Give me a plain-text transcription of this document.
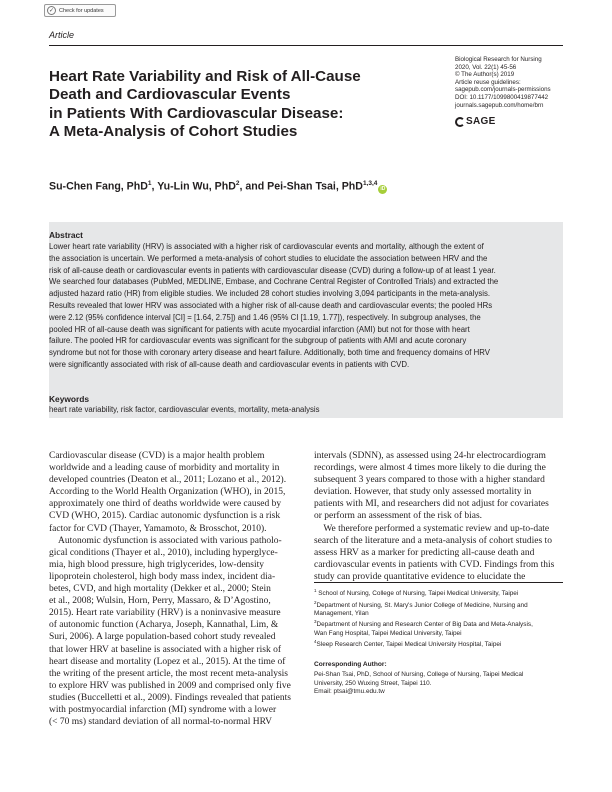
✓ Check for updates
Article
Heart Rate Variability and Risk of All-Cause
Death and Cardiovascular Events
in Patients With Cardiovascular Disease:
A Meta-Analysis of Cohort Studies
Biological Research for Nursing
2020, Vol. 22(1) 45-56
© The Author(s) 2019
Article reuse guidelines:
sagepub.com/journals-permissions
DOI: 10.1177/1099800419877442
journals.sagepub.com/home/brn
SAGE
Su-Chen Fang, PhD$^1$, Yu-Lin Wu, PhD$^2$, and Pei-Shan Tsai, PhD$^{1,3,4}$iD
Abstract
Lower heart rate variability (HRV) is associated with a higher risk of cardiovascular events and mortality, although the extent of
the association is uncertain. We performed a meta-analysis of cohort studies to elucidate the association between HRV and the
risk of all-cause death or cardiovascular events in patients with cardiovascular disease (CVD) during a follow-up of at least 1 year.
We searched four databases (PubMed, MEDLINE, Embase, and Cochrane Central Register of Controlled Trials) and extracted the
adjusted hazard ratio (HR) from eligible studies. We included 28 cohort studies involving 3,094 participants in the meta-analysis.
Results revealed that lower HRV was associated with a higher risk of all-cause death and cardiovascular events; the pooled HRs
were 2.12 (95% confidence interval [CI] = [1.64, 2.75]) and 1.46 (95% CI [1.19, 1.77]), respectively. In subgroup analyses, the
pooled HR of all-cause death was significant for patients with acute myocardial infarction (AMI) but not for those with heart
failure. The pooled HR for cardiovascular events was significant for the subgroup of patients with AMI and acute coronary
syndrome but not for those with coronary artery disease and heart failure. Additionally, both time and frequency domains of HRV
were significantly associated with risk of all-cause death and cardiovascular events in patients with CVD.
Keywords
heart rate variability, risk factor, cardiovascular events, mortality, meta-analysis
Cardiovascular disease (CVD) is a major health problem
worldwide and a leading cause of morbidity and mortality in
developed countries (Deaton et al., 2011; Lozano et al., 2012).
According to the World Health Organization (WHO), in 2015,
approximately one third of deaths worldwide were caused by
CVD (WHO, 2015). Cardiac autonomic dysfunction is a risk
factor for CVD (Thayer, Yamamoto, & Brosschot, 2010).
Autonomic dysfunction is associated with various patholo-
gical conditions (Thayer et al., 2010), including hyperglyce-
mia, high blood pressure, high triglycerides, low-density
lipoprotein cholesterol, high body mass index, incident dia-
betes, CVD, and high mortality (Dekker et al., 2000; Stein
et al., 2008; Wulsin, Horn, Perry, Massaro, & D’Agostino,
2015). Heart rate variability (HRV) is a noninvasive measure
of autonomic function (Acharya, Joseph, Kannathal, Lim, &
Suri, 2006). A large population-based cohort study revealed
that lower HRV at baseline is associated with a higher risk of
heart disease and mortality (Lopez et al., 2015). At the time of
the writing of the present article, the most recent meta-analysis
to explore HRV was published in 2009 and comprised only five
studies (Buccelletti et al., 2009). Findings revealed that patients
with postmyocardial infarction (MI) syndrome with a lower
(< 70 ms) standard deviation of all normal-to-normal HRV
intervals (SDNN), as assessed using 24-hr electrocardiogram
recordings, were almost 4 times more likely to die during the
subsequent 3 years compared to those with a higher standard
deviation. However, that study only assessed mortality in
patients with MI, and researchers did not adjust for covariates
or perform an assessment of the risk of bias.
We therefore performed a systematic review and up-to-date
search of the literature and a meta-analysis of cohort studies to
assess HRV as a marker for predicting all-cause death and
cardiovascular events in patients with CVD. Findings from this
study can provide quantitative evidence to elucidate the
$^1$ School of Nursing, College of Nursing, Taipei Medical University, Taipei
$^2$Department of Nursing, St. Mary's Junior College of Medicine, Nursing and
Management, Yilan
$^3$Department of Nursing and Research Center of Big Data and Meta-Analysis,
Wan Fang Hospital, Taipei Medical University, Taipei
$^4$Sleep Research Center, Taipei Medical University Hospital, Taipei
Corresponding Author:
Pei-Shan Tsai, PhD, School of Nursing, College of Nursing, Taipei Medical
University, 250 Wuxing Street, Taipei 110.
Email: ptsai@tmu.edu.tw
